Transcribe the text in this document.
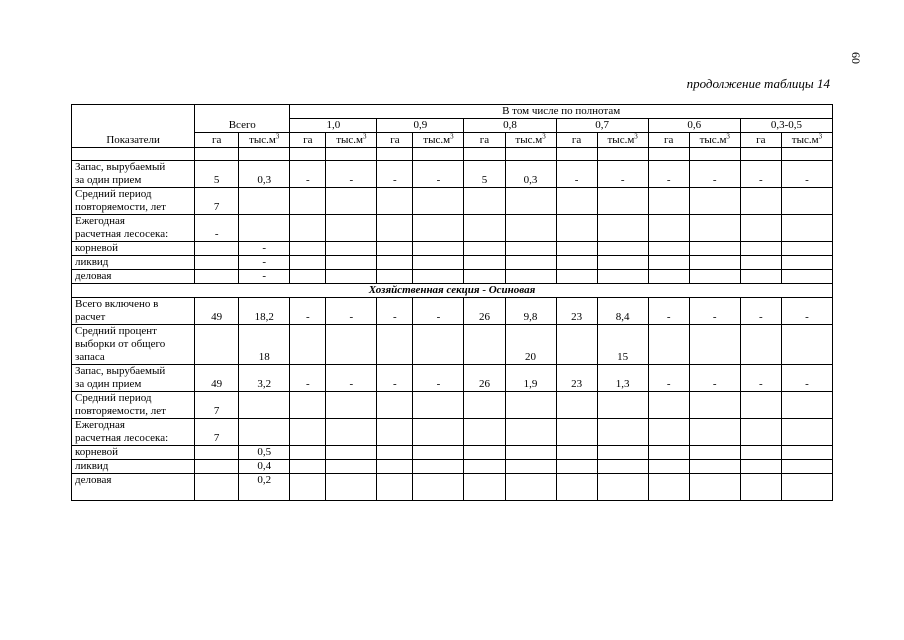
60
продолжение таблицы 14
Показатели	Всего		В том числе по полнотам											
			1,0		0,9		0,8		0,7		0,6		0,3-0,5	
	га	$тыс.м^3$	га	$тыс.м^3$	га	$тыс.м^3$	га	$тыс.м^3$	га	$тыс.м^3$	га	$тыс.м^3$	га	$тыс.м^3$

Запас, вырубаемый
за один прием	5	0,3	-	-	-	-	5	0,3	-	-	-	-	-	-

Средний период
повторяемости, лет	7													

Ежегодная
расчетная лесосека:	-													

корневой		-												

ликвид		-												

деловая		-												
Хозяйственная секция - Осиновая														

Всего включено в
расчет	49	18,2	-	-	-	-	26	9,8	23	8,4	-	-	-	-

Средний процент
выборки от общего
запаса		18						20		15				

Запас, вырубаемый
за один прием	49	3,2	-	-	-	-	26	1,9	23	1,3	-	-	-	-

Средний период
повторяемости, лет	7													

Ежегодная
расчетная лесосека:	7													

корневой		0,5												

ликвид		0,4												

деловая		0,2												
